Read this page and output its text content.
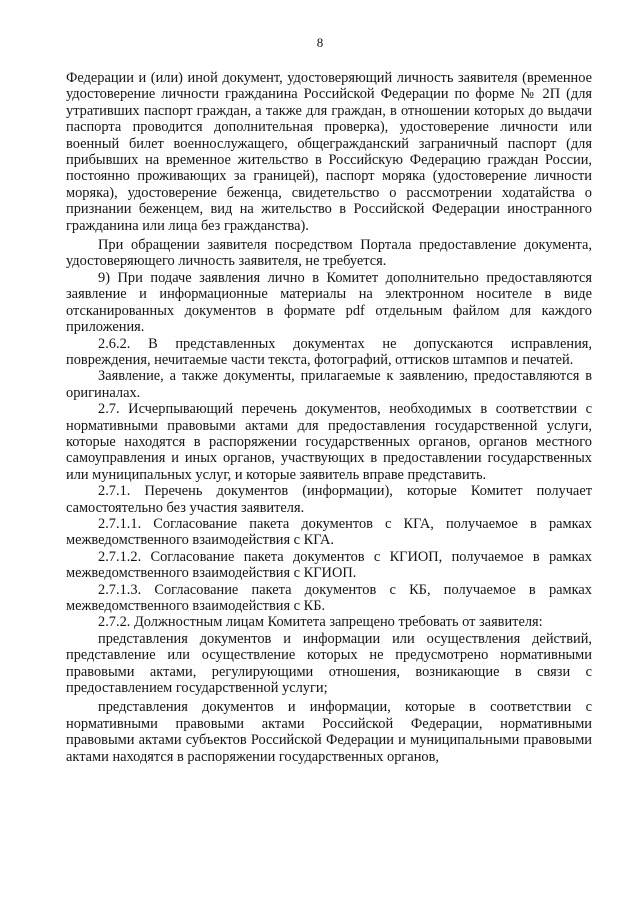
8

Федерации и (или) иной документ, удостоверяющий личность заявителя (временное удостоверение личности гражданина Российской Федерации по форме № 2П (для утративших паспорт граждан, а также для граждан, в отношении которых до выдачи паспорта проводится дополнительная проверка), удостоверение личности или военный билет военнослужащего, общегражданский заграничный паспорт (для прибывших на временное жительство в Российскую Федерацию граждан России, постоянно проживающих за границей), паспорт моряка (удостоверение личности моряка), удостоверение беженца, свидетельство о рассмотрении ходатайства о признании беженцем, вид на жительство в Российской Федерации иностранного гражданина или лица без гражданства).

При обращении заявителя посредством Портала предоставление документа, удостоверяющего личность заявителя, не требуется.

9) При подаче заявления лично в Комитет дополнительно предоставляются заявление и информационные материалы на электронном носителе в виде отсканированных документов в формате pdf отдельным файлом для каждого приложения.

2.6.2. В представленных документах не допускаются исправления, повреждения, нечитаемые части текста, фотографий, оттисков штампов и печатей.

Заявление, а также документы, прилагаемые к заявлению, предоставляются в оригиналах.

2.7. Исчерпывающий перечень документов, необходимых в соответствии с нормативными правовыми актами для предоставления государственной услуги, которые находятся в распоряжении государственных органов, органов местного самоуправления и иных органов, участвующих в предоставлении государственных или муниципальных услуг, и которые заявитель вправе представить.

2.7.1. Перечень документов (информации), которые Комитет получает самостоятельно без участия заявителя.

2.7.1.1. Согласование пакета документов с КГА, получаемое в рамках межведомственного взаимодействия с КГА.

2.7.1.2. Согласование пакета документов с КГИОП, получаемое в рамках межведомственного взаимодействия с КГИОП.

2.7.1.3. Согласование пакета документов с КБ, получаемое в рамках межведомственного взаимодействия с КБ.

2.7.2. Должностным лицам Комитета запрещено требовать от заявителя:

представления документов и информации или осуществления действий, представление или осуществление которых не предусмотрено нормативными правовыми актами, регулирующими отношения, возникающие в связи с предоставлением государственной услуги;

представления документов и информации, которые в соответствии с нормативными правовыми актами Российской Федерации, нормативными правовыми актами субъектов Российской Федерации и муниципальными правовыми актами находятся в распоряжении государственных органов,
